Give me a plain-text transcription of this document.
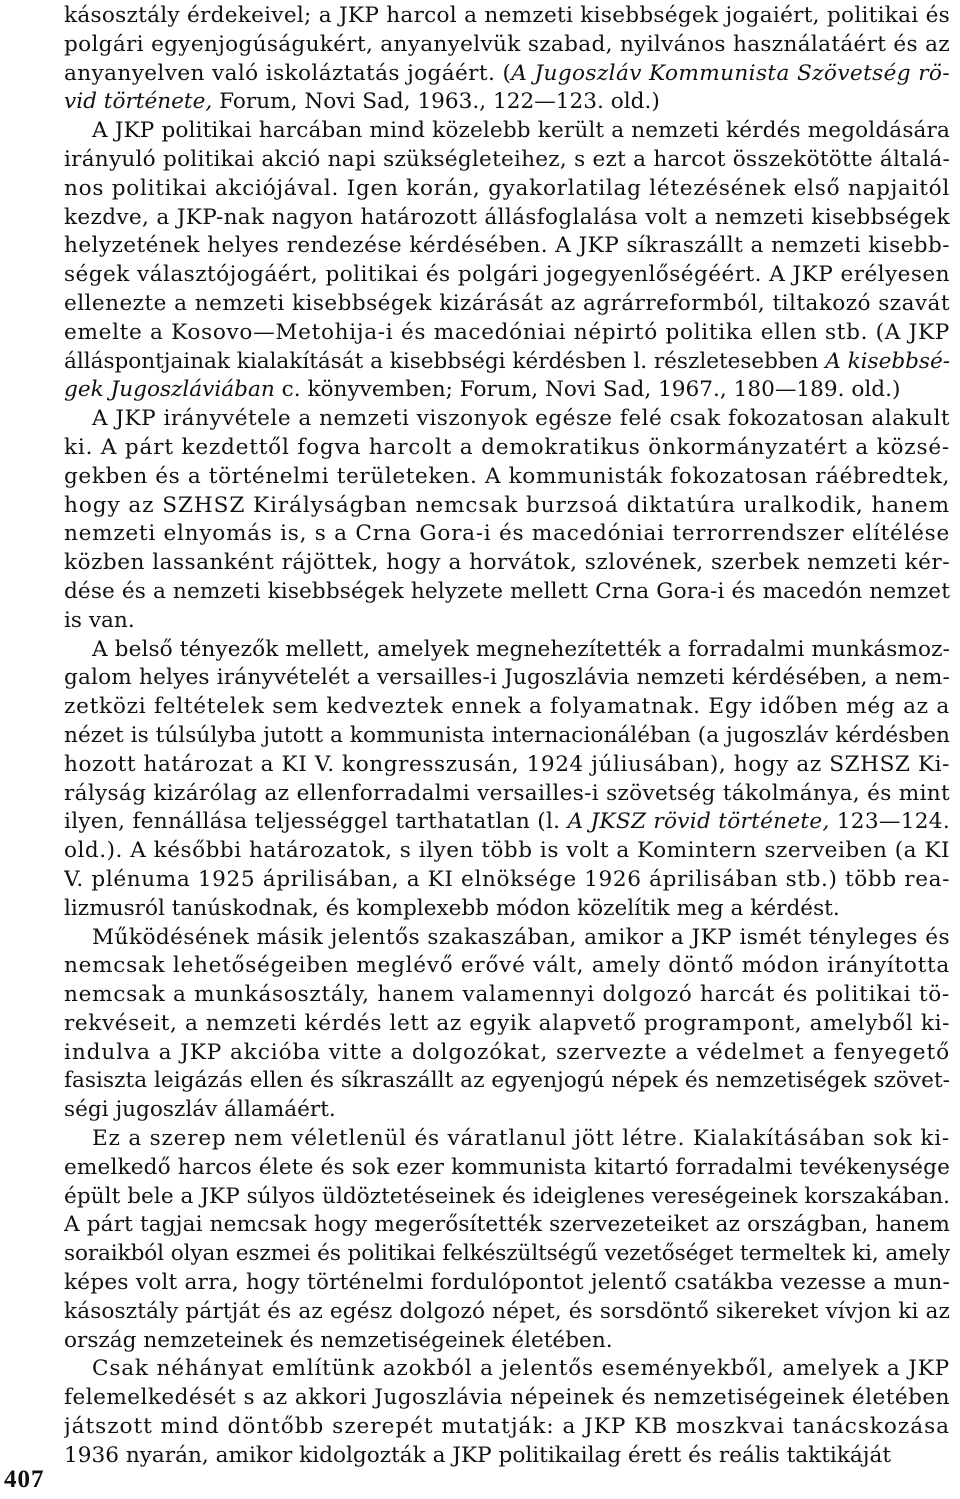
kásosztály érdekeivel; a JKP harcol a nemzeti kisebbségek jogaiért, politikai és
polgári egyenjogúságukért, anyanyelvük szabad, nyilvános használatáért és az
anyanyelven való iskoláztatás jogáért. (A Jugoszláv Kommunista Szövetség rö-
vid története, Forum, Novi Sad, 1963., 122—123. old.)
A JKP politikai harcában mind közelebb került a nemzeti kérdés megoldására
irányuló politikai akció napi szükségleteihez, s ezt a harcot összekötötte általá-
nos politikai akciójával. Igen korán, gyakorlatilag létezésének első napjaitól
kezdve, a JKP-nak nagyon határozott állásfoglalása volt a nemzeti kisebbségek
helyzetének helyes rendezése kérdésében. A JKP síkraszállt a nemzeti kisebb-
ségek választójogáért, politikai és polgári jogegyenlőségéért. A JKP erélyesen
ellenezte a nemzeti kisebbségek kizárását az agrárreformból, tiltakozó szavát
emelte a Kosovo—Metohija-i és macedóniai népirtó politika ellen stb. (A JKP
álláspontjainak kialakítását a kisebbségi kérdésben l. részletesebben A kisebbsé-
gek Jugoszláviában c. könyvemben; Forum, Novi Sad, 1967., 180—189. old.)
A JKP irányvétele a nemzeti viszonyok egésze felé csak fokozatosan alakult
ki. A párt kezdettől fogva harcolt a demokratikus önkormányzatért a közsé-
gekben és a történelmi területeken. A kommunisták fokozatosan ráébredtek,
hogy az SZHSZ Királyságban nemcsak burzsoá diktatúra uralkodik, hanem
nemzeti elnyomás is, s a Crna Gora-i és macedóniai terrorrendszer elítélése
közben lassanként rájöttek, hogy a horvátok, szlovének, szerbek nemzeti kér-
dése és a nemzeti kisebbségek helyzete mellett Crna Gora-i és macedón nemzet
is van.
A belső tényezők mellett, amelyek megnehezítették a forradalmi munkásmoz-
galom helyes irányvételét a versailles-i Jugoszlávia nemzeti kérdésében, a nem-
zetközi feltételek sem kedveztek ennek a folyamatnak. Egy időben még az a
nézet is túlsúlyba jutott a kommunista internacionáléban (a jugoszláv kérdésben
hozott határozat a KI V. kongresszusán, 1924 júliusában), hogy az SZHSZ Ki-
rályság kizárólag az ellenforradalmi versailles-i szövetség tákolmánya, és mint
ilyen, fennállása teljességgel tarthatatlan (l. A JKSZ rövid története, 123—124.
old.). A későbbi határozatok, s ilyen több is volt a Komintern szerveiben (a KI
V. plénuma 1925 áprilisában, a KI elnöksége 1926 áprilisában stb.) több rea-
lizmusról tanúskodnak, és komplexebb módon közelítik meg a kérdést.
Működésének másik jelentős szakaszában, amikor a JKP ismét tényleges és
nemcsak lehetőségeiben meglévő erővé vált, amely döntő módon irányította
nemcsak a munkásosztály, hanem valamennyi dolgozó harcát és politikai tö-
rekvéseit, a nemzeti kérdés lett az egyik alapvető programpont, amelyből ki-
indulva a JKP akcióba vitte a dolgozókat, szervezte a védelmet a fenyegető
fasiszta leigázás ellen és síkraszállt az egyenjogú népek és nemzetiségek szövet-
ségi jugoszláv államáért.
Ez a szerep nem véletlenül és váratlanul jött létre. Kialakításában sok ki-
emelkedő harcos élete és sok ezer kommunista kitartó forradalmi tevékenysége
épült bele a JKP súlyos üldöztetéseinek és ideiglenes vereségeinek korszakában.
A párt tagjai nemcsak hogy megerősítették szervezeteiket az országban, hanem
soraikból olyan eszmei és politikai felkészültségű vezetőséget termeltek ki, amely
képes volt arra, hogy történelmi fordulópontot jelentő csatákba vezesse a mun-
kásosztály pártját és az egész dolgozó népet, és sorsdöntő sikereket vívjon ki az
ország nemzeteinek és nemzetiségeinek életében.
Csak néhányat említünk azokból a jelentős eseményekből, amelyek a JKP
felemelkedését s az akkori Jugoszlávia népeinek és nemzetiségeinek életében
játszott mind döntőbb szerepét mutatják: a JKP KB moszkvai tanácskozása
1936 nyarán, amikor kidolgozták a JKP politikailag érett és reális taktikáját
407
